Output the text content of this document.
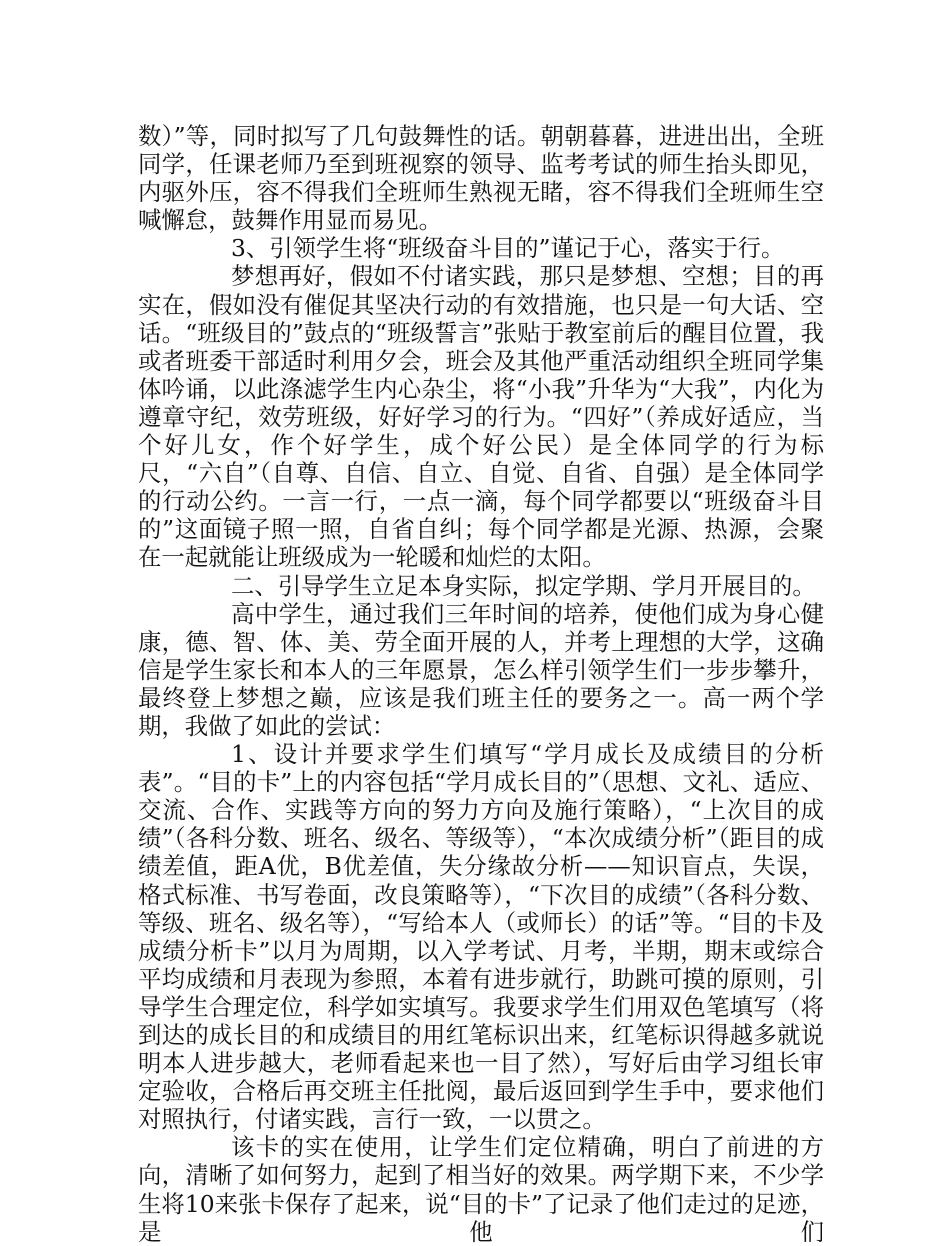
数）”等，同时拟写了几句鼓舞性的话。朝朝暮暮，进进出出，全班同学，任课老师乃至到班视察的领导、监考考试的师生抬头即见，内驱外压，容不得我们全班师生熟视无睹，容不得我们全班师生空喊懈怠，鼓舞作用显而易见。

3、引领学生将“班级奋斗目的”谨记于心，落实于行。

梦想再好，假如不付诸实践，那只是梦想、空想；目的再实在，假如没有催促其坚决行动的有效措施，也只是一句大话、空话。“班级目的”鼓点的“班级誓言”张贴于教室前后的醒目位置，我或者班委干部适时利用夕会，班会及其他严重活动组织全班同学集体吟诵，以此涤滤学生内心杂尘，将“小我”升华为“大我”，内化为遵章守纪，效劳班级，好好学习的行为。“四好”（养成好适应，当个好儿女，作个好学生，成个好公民）是全体同学的行为标尺，“六自”（自尊、自信、自立、自觉、自省、自强）是全体同学的行动公约。一言一行，一点一滴，每个同学都要以“班级奋斗目的”这面镜子照一照，自省自纠；每个同学都是光源、热源，会聚在一起就能让班级成为一轮暖和灿烂的太阳。

二、引导学生立足本身实际，拟定学期、学月开展目的。

高中学生，通过我们三年时间的培养，使他们成为身心健康，德、智、体、美、劳全面开展的人，并考上理想的大学，这确信是学生家长和本人的三年愿景，怎么样引领学生们一步步攀升，最终登上梦想之巅，应该是我们班主任的要务之一。高一两个学期，我做了如此的尝试：

1、设计并要求学生们填写“学月成长及成绩目的分析表”。“目的卡”上的内容包括“学月成长目的”（思想、文礼、适应、交流、合作、实践等方向的努力方向及施行策略），“上次目的成绩”（各科分数、班名、级名、等级等），“本次成绩分析”（距目的成绩差值，距A优，B优差值，失分缘故分析——知识盲点，失误，格式标准、书写卷面，改良策略等），“下次目的成绩”（各科分数、等级、班名、级名等），“写给本人（或师长）的话”等。“目的卡及成绩分析卡”以月为周期，以入学考试、月考，半期，期末或综合平均成绩和月表现为参照，本着有进步就行，助跳可摸的原则，引导学生合理定位，科学如实填写。我要求学生们用双色笔填写（将到达的成长目的和成绩目的用红笔标识出来，红笔标识得越多就说明本人进步越大，老师看起来也一目了然），写好后由学习组长审定验收，合格后再交班主任批阅，最后返回到学生手中，要求他们对照执行，付诸实践，言行一致，一以贯之。

该卡的实在使用，让学生们定位精确，明白了前进的方向，清晰了如何努力，起到了相当好的效果。两学期下来，不少学生将10来张卡保存了起来，说“目的卡”了记录了他们走过的足迹，是他们
